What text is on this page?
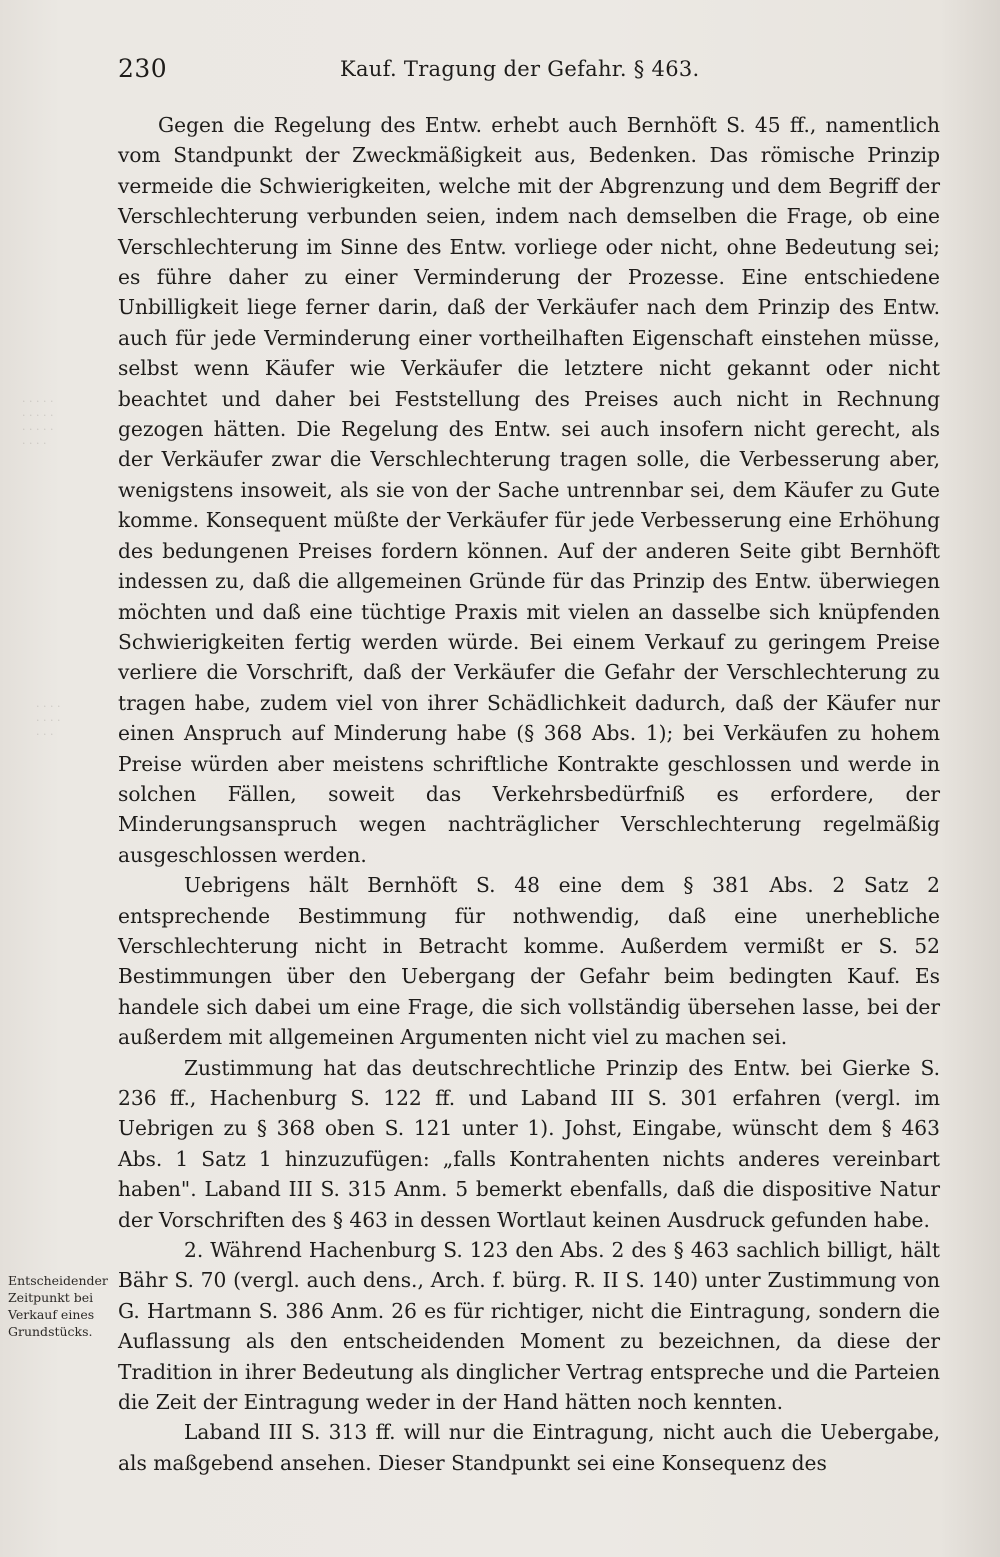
· · · · ·
· · · · ·
· · · · ·
· · · ·
· · · ·
· · · ·
· · ·
230	Kauf. Tragung der Gefahr. § 463.

Gegen die Regelung des Entw. erhebt auch Bernhöft S. 45 ff., namentlich vom Standpunkt der Zweckmäßigkeit aus, Bedenken. Das römische Prinzip vermeide die Schwierigkeiten, welche mit der Abgrenzung und dem Begriff der Verschlechterung verbunden seien, indem nach demselben die Frage, ob eine Verschlechterung im Sinne des Entw. vorliege oder nicht, ohne Bedeutung sei; es führe daher zu einer Verminderung der Prozesse. Eine entschiedene Unbilligkeit liege ferner darin, daß der Verkäufer nach dem Prinzip des Entw. auch für jede Verminderung einer vortheilhaften Eigenschaft einstehen müsse, selbst wenn Käufer wie Verkäufer die letztere nicht gekannt oder nicht beachtet und daher bei Feststellung des Preises auch nicht in Rechnung gezogen hätten. Die Regelung des Entw. sei auch insofern nicht gerecht, als der Verkäufer zwar die Verschlechterung tragen solle, die Verbesserung aber, wenigstens insoweit, als sie von der Sache untrennbar sei, dem Käufer zu Gute komme. Konsequent müßte der Verkäufer für jede Verbesserung eine Erhöhung des bedungenen Preises fordern können. Auf der anderen Seite gibt Bernhöft indessen zu, daß die allgemeinen Gründe für das Prinzip des Entw. überwiegen möchten und daß eine tüchtige Praxis mit vielen an dasselbe sich knüpfenden Schwierigkeiten fertig werden würde. Bei einem Verkauf zu geringem Preise verliere die Vorschrift, daß der Verkäufer die Gefahr der Verschlechterung zu tragen habe, zudem viel von ihrer Schädlichkeit dadurch, daß der Käufer nur einen Anspruch auf Minderung habe (§ 368 Abs. 1); bei Verkäufen zu hohem Preise würden aber meistens schriftliche Kontrakte geschlossen und werde in solchen Fällen, soweit das Verkehrsbedürfniß es erfordere, der Minderungsanspruch wegen nachträglicher Verschlechterung regelmäßig ausgeschlossen werden.

Uebrigens hält Bernhöft S. 48 eine dem § 381 Abs. 2 Satz 2 entsprechende Bestimmung für nothwendig, daß eine unerhebliche Verschlechterung nicht in Betracht komme. Außerdem vermißt er S. 52 Bestimmungen über den Uebergang der Gefahr beim bedingten Kauf. Es handele sich dabei um eine Frage, die sich vollständig übersehen lasse, bei der außerdem mit allgemeinen Argumenten nicht viel zu machen sei.

Zustimmung hat das deutschrechtliche Prinzip des Entw. bei Gierke S. 236 ff., Hachenburg S. 122 ff. und Laband III S. 301 erfahren (vergl. im Uebrigen zu § 368 oben S. 121 unter 1). Johst, Eingabe, wünscht dem § 463 Abs. 1 Satz 1 hinzuzufügen: „falls Kontrahenten nichts anderes vereinbart haben". Laband III S. 315 Anm. 5 bemerkt ebenfalls, daß die dispositive Natur der Vorschriften des § 463 in dessen Wortlaut keinen Ausdruck gefunden habe.

2. Während Hachenburg S. 123 den Abs. 2 des § 463 sachlich billigt, hält Bähr S. 70 (vergl. auch dens., Arch. f. bürg. R. II S. 140) unter Zustimmung von G. Hartmann S. 386 Anm. 26 es für richtiger, nicht die Eintragung, sondern die Auflassung als den entscheidenden Moment zu bezeichnen, da diese der Tradition in ihrer Bedeutung als dinglicher Vertrag entspreche und die Parteien die Zeit der Eintragung weder in der Hand hätten noch kennten.

Laband III S. 313 ff. will nur die Eintragung, nicht auch die Uebergabe, als maßgebend ansehen. Dieser Standpunkt sei eine Konsequenz des

Entscheidender Zeitpunkt bei Verkauf eines Grundstücks.
